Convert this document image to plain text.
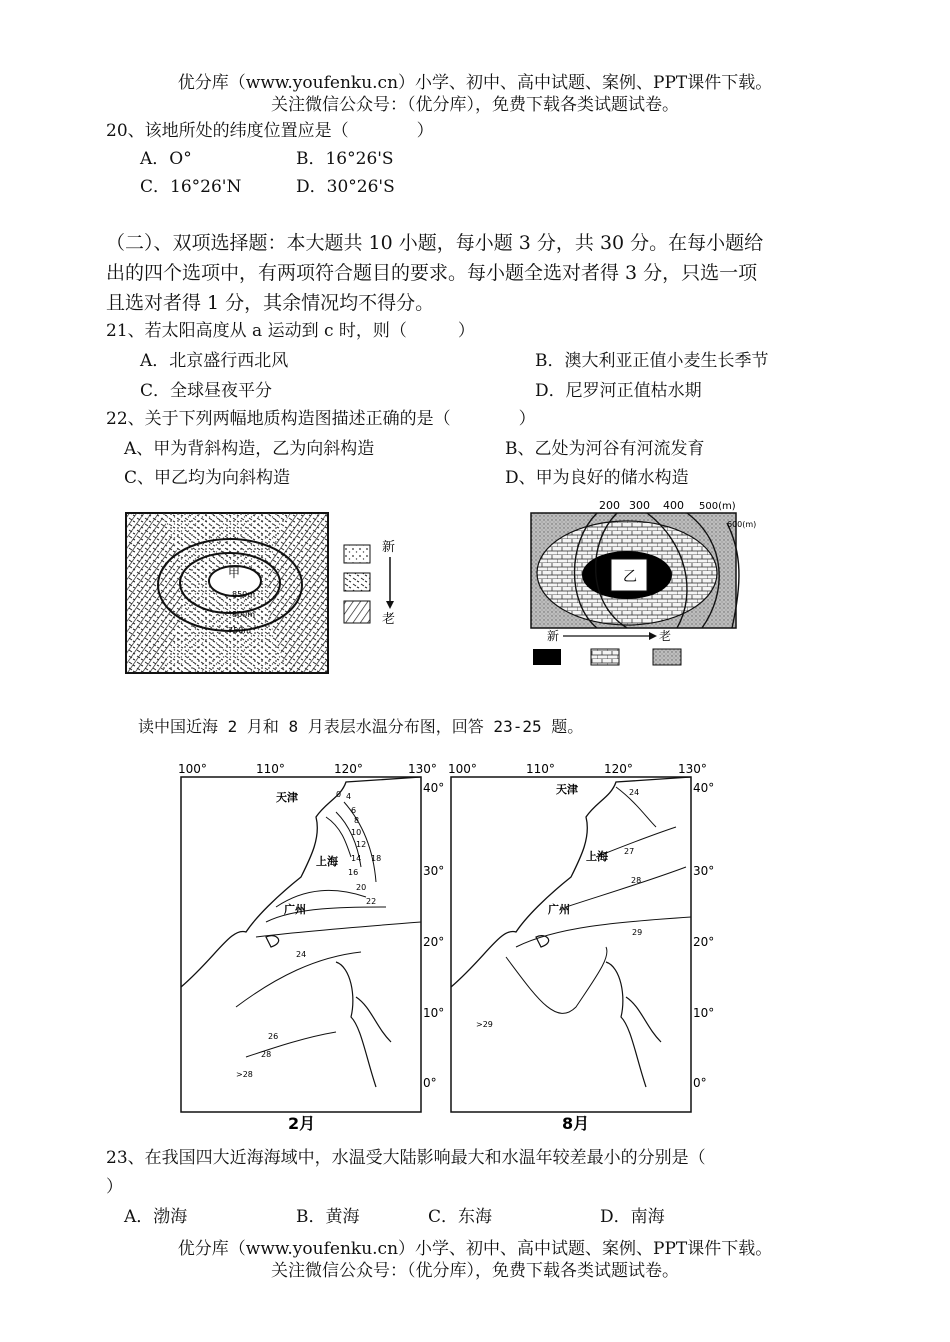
优分库（www.youfenku.cn）小学、初中、高中试题、案例、PPT课件下载。
关注微信公众号：（优分库），免费下载各类试题试卷。
20、该地所处的纬度位置应是（　　　　）
A．O°	B．16°26'S
C．16°26'N	D．30°26'S
（二）、双项选择题：本大题共 10 小题，每小题 3 分，共 30 分。在每小题给
出的四个选项中，有两项符合题目的要求。每小题全选对者得 3 分，只选一项
且选对者得 1 分，其余情况均不得分。
21、若太阳高度从 a 运动到 c 时，则（　　　）
A．北京盛行西北风	B．澳大利亚正值小麦生长季节
C．全球昼夜平分	D．尼罗河正值枯水期
22、关于下列两幅地质构造图描述正确的是（　　　　）
A、甲为背斜构造，乙为向斜构造	B、乙处为河谷有河流发育
C、甲乙均为向斜构造	D、甲为良好的储水构造
甲
850m
800m
750m
新
老
乙
200 300 400 500(m)
600(m)
新	老
读中国近海 2 月和 8 月表层水温分布图，回答 23-25 题。
100°	110°	120°	130°
40°
30°
20°
10°
0°
天津
上海
广州
0 4
6
8
10
12
14
16
18
20
22
24
26
28
>28
2月
100°	110°	120°	130°
40°
30°
20°
10°
0°
天津
上海
广州
24
27
28
29
>29
8月
23、在我国四大近海海域中，水温受大陆影响最大和水温年较差最小的分别是（
）
A．渤海	B．黄海	C．东海	D．南海
优分库（www.youfenku.cn）小学、初中、高中试题、案例、PPT课件下载。
关注微信公众号：（优分库），免费下载各类试题试卷。
